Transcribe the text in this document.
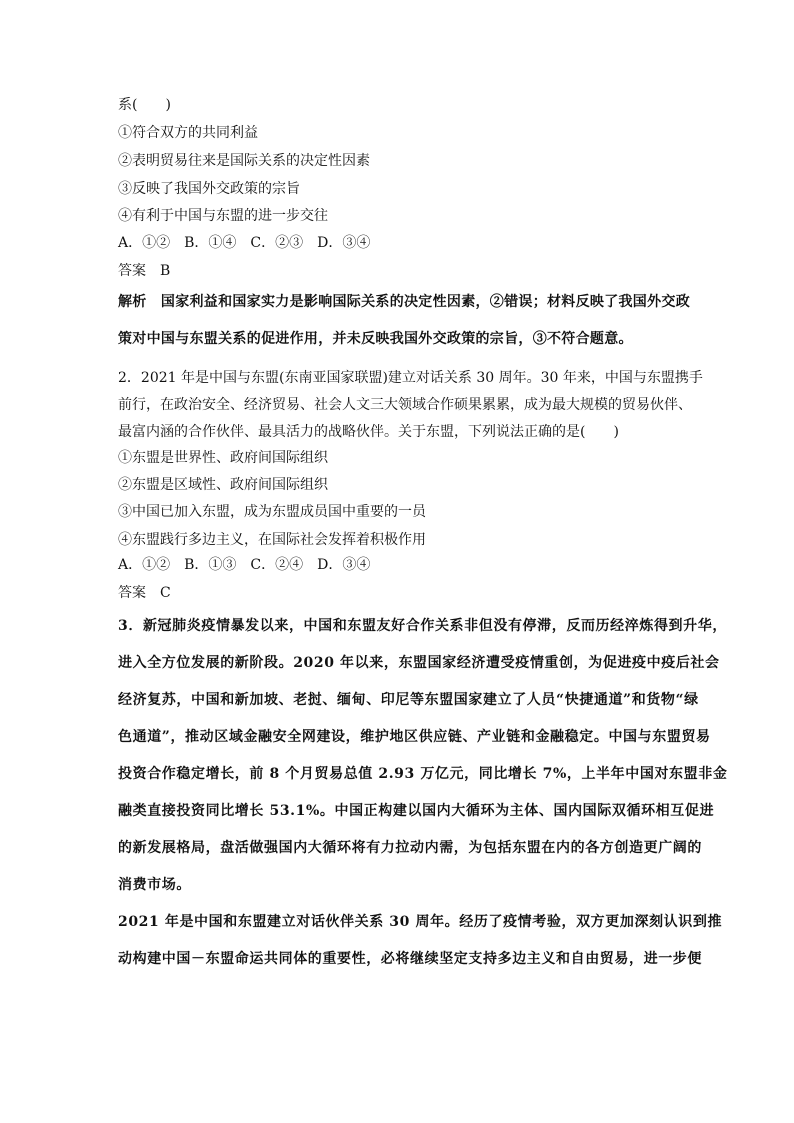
系(　　)

①符合双方的共同利益

②表明贸易往来是国际关系的决定性因素

③反映了我国外交政策的宗旨

④有利于中国与东盟的进一步交往

A．①②　B．①④　C．②③　D．③④

答案　B

解析　国家利益和国家实力是影响国际关系的决定性因素，②错误；材料反映了我国外交政

策对中国与东盟关系的促进作用，并未反映我国外交政策的宗旨，③不符合题意。

2．2021 年是中国与东盟(东南亚国家联盟)建立对话关系 30 周年。30 年来，中国与东盟携手

前行，在政治安全、经济贸易、社会人文三大领域合作硕果累累，成为最大规模的贸易伙伴、

最富内涵的合作伙伴、最具活力的战略伙伴。关于东盟，下列说法正确的是(　　)

①东盟是世界性、政府间国际组织

②东盟是区域性、政府间国际组织

③中国已加入东盟，成为东盟成员国中重要的一员

④东盟践行多边主义，在国际社会发挥着积极作用

A．①②　B．①③　C．②④　D．③④

答案　C

3．新冠肺炎疫情暴发以来，中国和东盟友好合作关系非但没有停滞，反而历经淬炼得到升华，

进入全方位发展的新阶段。2020 年以来，东盟国家经济遭受疫情重创，为促进疫中疫后社会

经济复苏，中国和新加坡、老挝、缅甸、印尼等东盟国家建立了人员“快捷通道”和货物“绿

色通道”，推动区域金融安全网建设，维护地区供应链、产业链和金融稳定。中国与东盟贸易

投资合作稳定增长，前 8 个月贸易总值 2.93 万亿元，同比增长 7%，上半年中国对东盟非金

融类直接投资同比增长 53.1%。中国正构建以国内大循环为主体、国内国际双循环相互促进

的新发展格局，盘活做强国内大循环将有力拉动内需，为包括东盟在内的各方创造更广阔的

消费市场。

2021 年是中国和东盟建立对话伙伴关系 30 周年。经历了疫情考验，双方更加深刻认识到推

动构建中国－东盟命运共同体的重要性，必将继续坚定支持多边主义和自由贸易，进一步便
